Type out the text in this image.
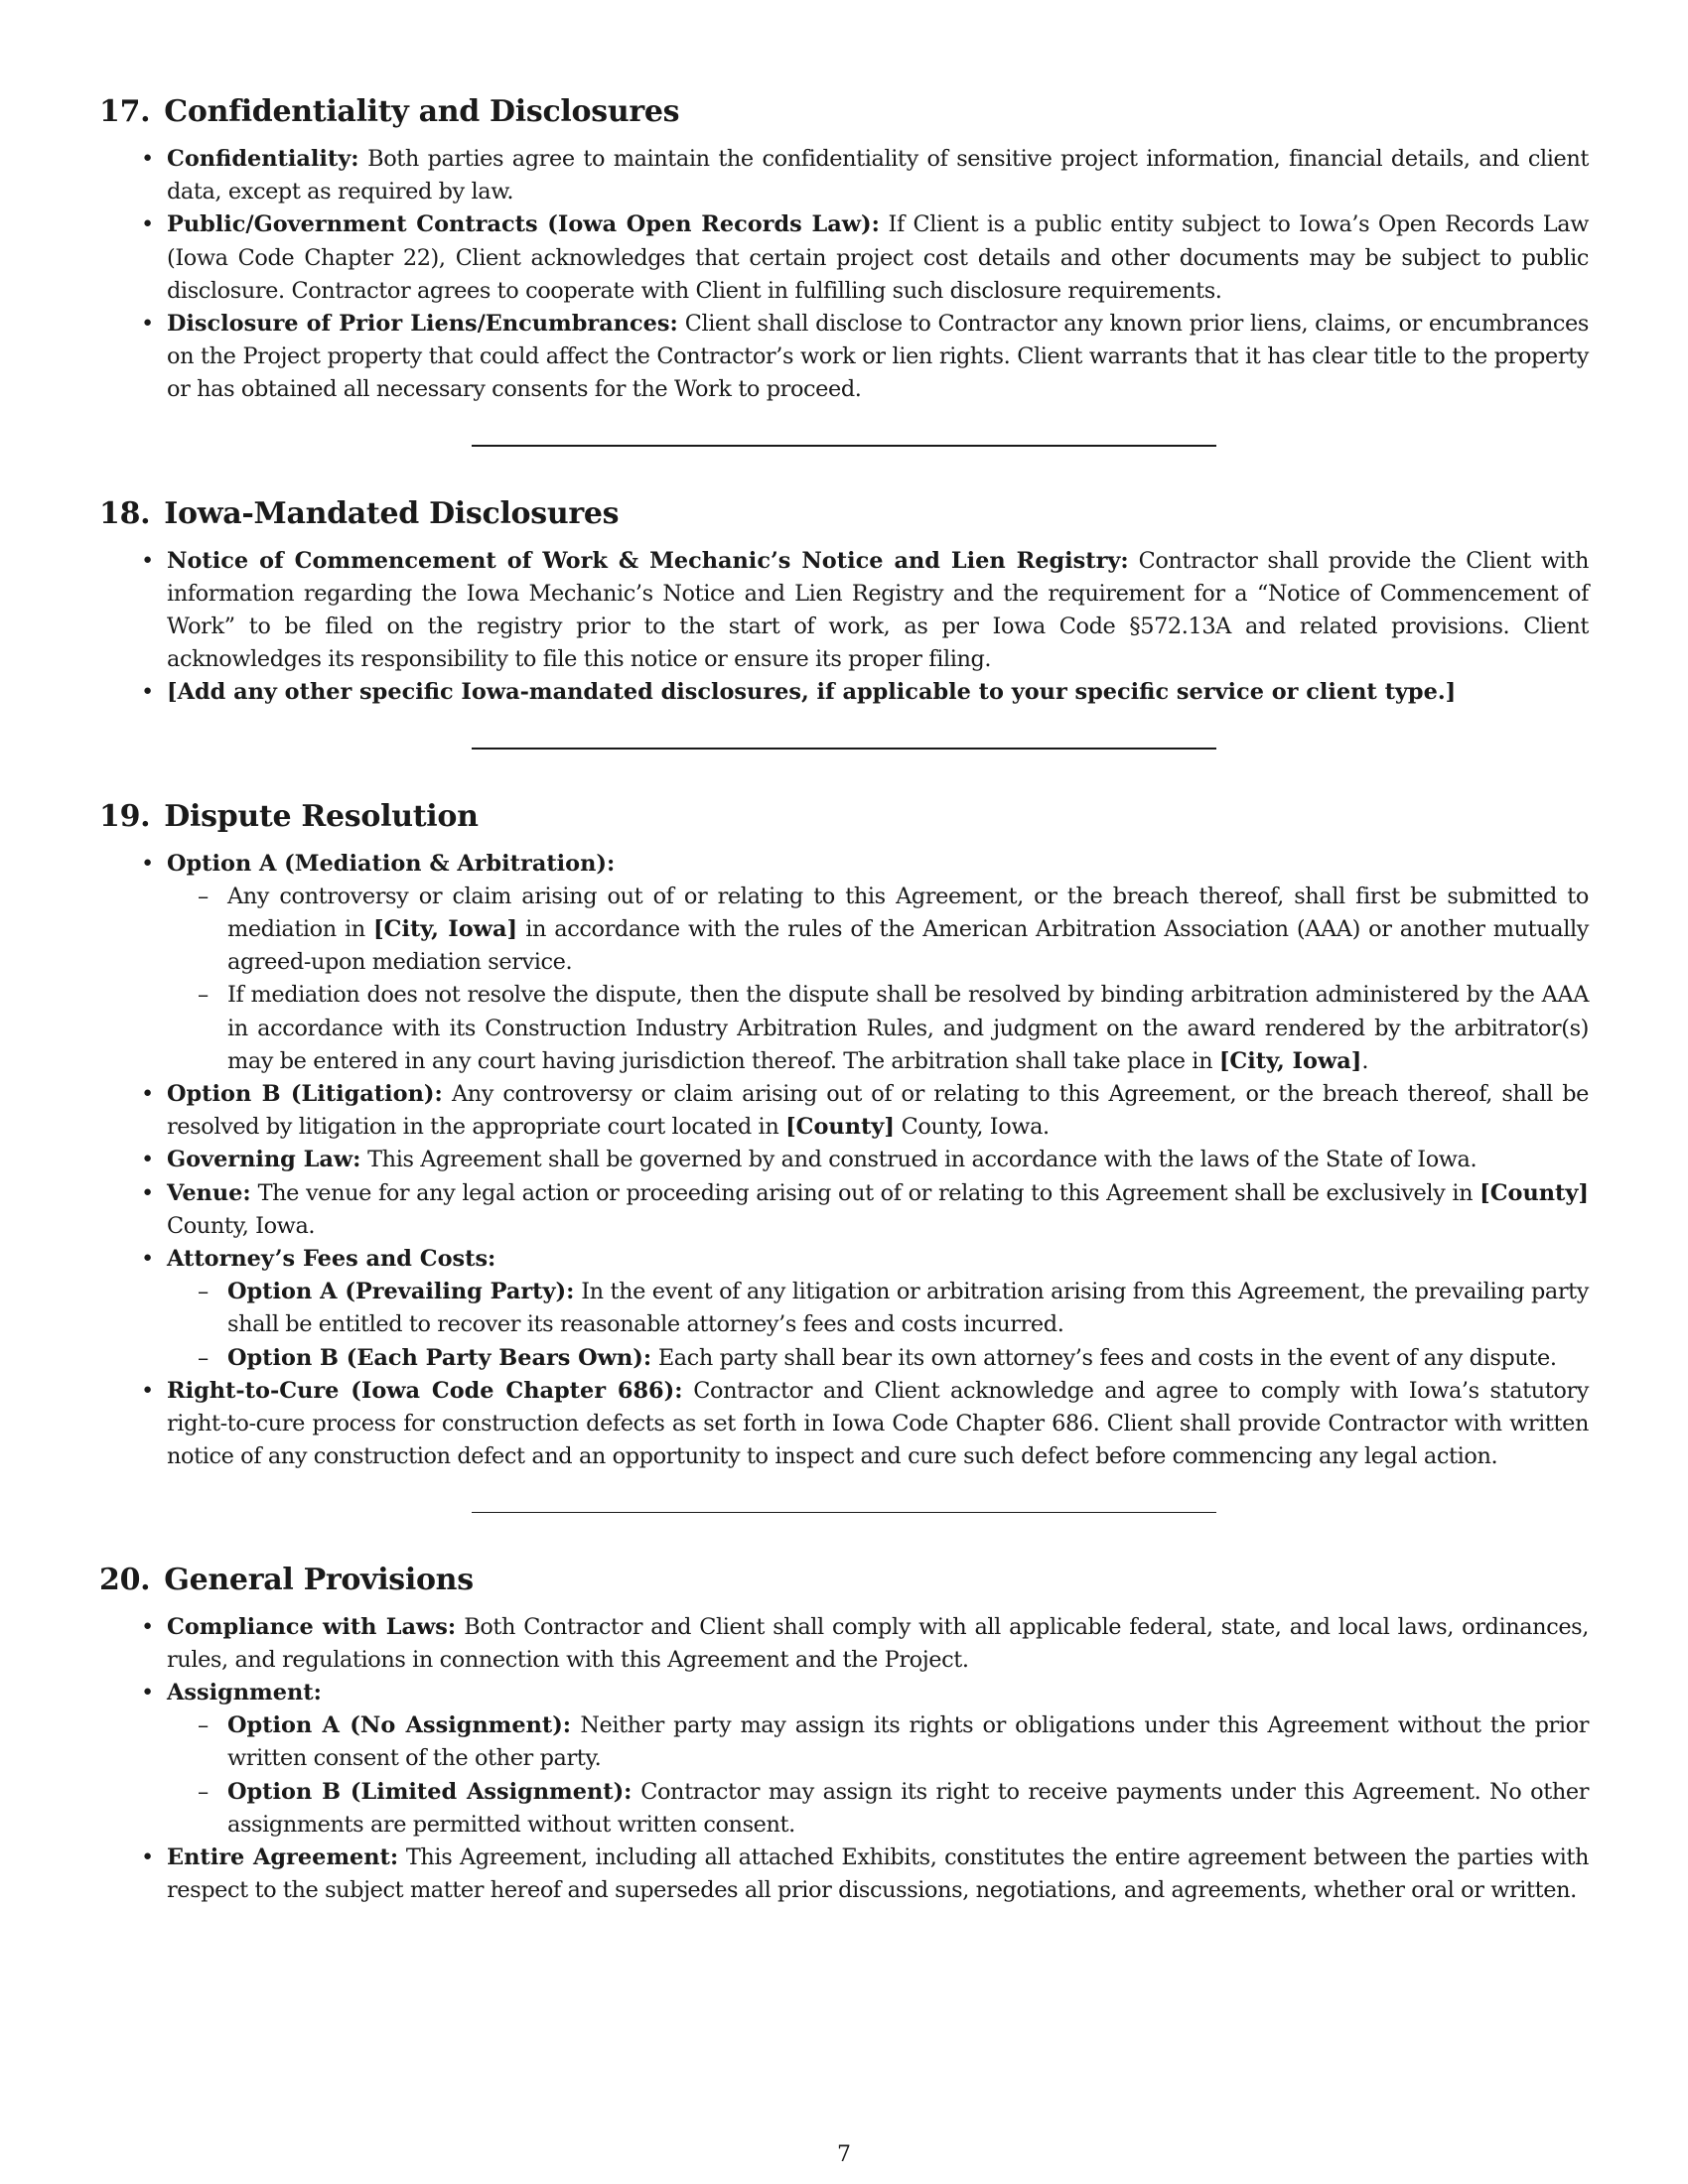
17. Confidentiality and Disclosures
• Confidentiality: Both parties agree to maintain the confidentiality of sensitive project information, financial details, and client data, except as required by law.
• Public/Government Contracts (Iowa Open Records Law): If Client is a public entity subject to Iowa’s Open Records Law (Iowa Code Chapter 22), Client acknowledges that certain project cost details and other documents may be subject to public disclosure. Contractor agrees to cooperate with Client in fulfilling such disclosure requirements.
• Disclosure of Prior Liens/Encumbrances: Client shall disclose to Contractor any known prior liens, claims, or encumbrances on the Project property that could affect the Contractor’s work or lien rights. Client warrants that it has clear title to the property or has obtained all necessary consents for the Work to proceed.
18. Iowa-Mandated Disclosures
• Notice of Commencement of Work & Mechanic’s Notice and Lien Registry: Contractor shall provide the Client with information regarding the Iowa Mechanic’s Notice and Lien Registry and the requirement for a “Notice of Commencement of Work” to be filed on the registry prior to the start of work, as per Iowa Code §572.13A and related provisions. Client acknowledges its responsibility to file this notice or ensure its proper filing.
• [Add any other specific Iowa-mandated disclosures, if applicable to your specific service or client type.]
19. Dispute Resolution
• Option A (Mediation & Arbitration):
– Any controversy or claim arising out of or relating to this Agreement, or the breach thereof, shall first be submitted to mediation in [City, Iowa] in accordance with the rules of the American Arbitration Association (AAA) or another mutually agreed-upon mediation service.
– If mediation does not resolve the dispute, then the dispute shall be resolved by binding arbitration administered by the AAA in accordance with its Construction Industry Arbitration Rules, and judgment on the award rendered by the arbitrator(s) may be entered in any court having jurisdiction thereof. The arbitration shall take place in [City, Iowa].
• Option B (Litigation): Any controversy or claim arising out of or relating to this Agreement, or the breach thereof, shall be resolved by litigation in the appropriate court located in [County] County, Iowa.
• Governing Law: This Agreement shall be governed by and construed in accordance with the laws of the State of Iowa.
• Venue: The venue for any legal action or proceeding arising out of or relating to this Agreement shall be exclusively in [County] County, Iowa.
• Attorney’s Fees and Costs:
– Option A (Prevailing Party): In the event of any litigation or arbitration arising from this Agreement, the prevailing party shall be entitled to recover its reasonable attorney’s fees and costs incurred.
– Option B (Each Party Bears Own): Each party shall bear its own attorney’s fees and costs in the event of any dispute.
• Right-to-Cure (Iowa Code Chapter 686): Contractor and Client acknowledge and agree to comply with Iowa’s statutory right-to-cure process for construction defects as set forth in Iowa Code Chapter 686. Client shall provide Contractor with written notice of any construction defect and an opportunity to inspect and cure such defect before commencing any legal action.
20. General Provisions
• Compliance with Laws: Both Contractor and Client shall comply with all applicable federal, state, and local laws, ordinances, rules, and regulations in connection with this Agreement and the Project.
• Assignment:
– Option A (No Assignment): Neither party may assign its rights or obligations under this Agreement without the prior written consent of the other party.
– Option B (Limited Assignment): Contractor may assign its right to receive payments under this Agreement. No other assignments are permitted without written consent.
• Entire Agreement: This Agreement, including all attached Exhibits, constitutes the entire agreement between the parties with respect to the subject matter hereof and supersedes all prior discussions, negotiations, and agreements, whether oral or written.
7
